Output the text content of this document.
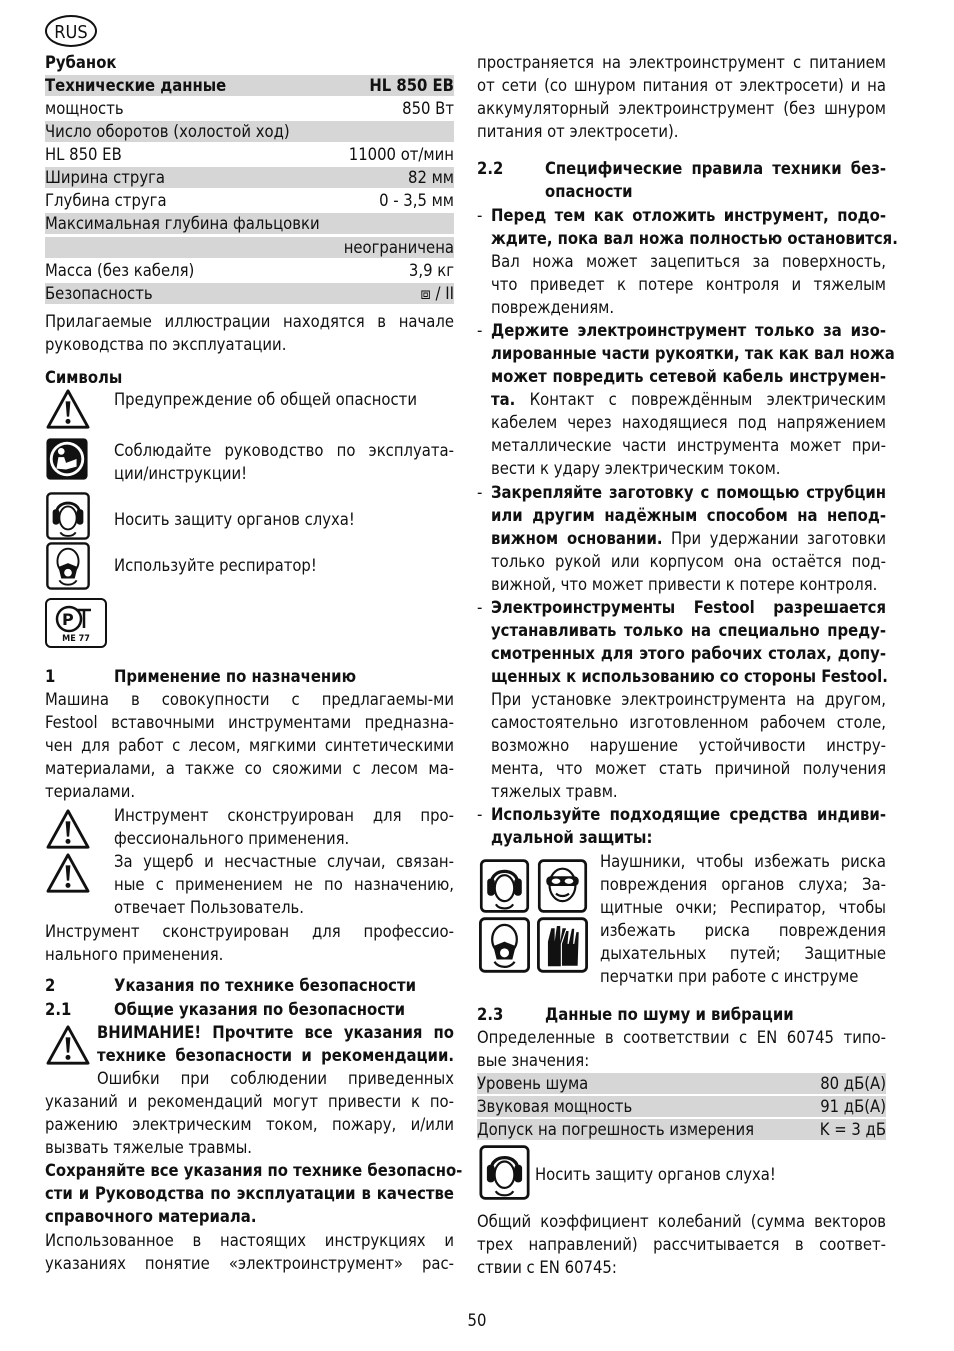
RUS
Рубанок
Технические данные	HL 850 EB
мощность	850 Вт
Число оборотов (холостой ход)
HL 850 EB	11000 от/мин
Ширина струга	82 мм
Глубина струга	0 - 3,5 мм
Максимальная глубина фальцовки
неограничена
Масса (без кабеля)	3,9 кг
Безопасность	⧈ / II
Прилагаемые иллюстрации находятся в начале
руководства по эксплуатации.
Символы
Предупреждение об общей опасности
Соблюдайте руководство по эксплуата-
ции/инструкции!
Носить защиту органов слуха!
Используйте респиратор!
P
МЕ 77
1	Применение по назначению
Машина в совокупности с предлагаемы-ми
Festool вставочными инструментами предназна-
чен для работ с лесом, мягкими синтетическими
материалами, а также со сяожими с лесом ма-
териалами.
Инструмент сконструирован для про-
фессионального применения.
За ущерб и несчастные случаи, связан-
ные с применением не по назначению,
отвечает Пользователь.
Инструмент сконструирован для профессио-
нального применения.
2	Указания по технике безопасности
2.1	Общие указания по безопасности
ВНИМАНИЕ! Прочтите все указания по
технике безопасности и рекомендации.
Ошибки при соблюдении приведенных
указаний и рекомендаций могут привести к по-
ражению электрическим током, пожару, и/или
вызвать тяжелые травмы.
Сохраняйте все указания по технике безопасно-
сти и Руководства по эксплуатации в качестве
справочного материала.
Использованное в настоящих инструкциях и
указаниях понятие «электроинструмент» рас-
пространяется на электроинструмент с питанием
от сети (со шнуром питания от электросети) и на
аккумуляторный электроинструмент (без шнуром
питания от электросети).
2.2	Специфические правила техники без-
опасности
- Перед тем как отложить инструмент, подо-
ждите, пока вал ножа полностью остановится.
Вал ножа может зацепиться за поверхность,
что приведет к потере контроля и тяжелым
повреждениям.
- Держите электроинструмент только за изо-
лированные части рукоятки, так как вал ножа
может повредить сетевой кабель инструмен-
та. Контакт с повреждённым электрическим
кабелем через находящиеся под напряжением
металлические части инструмента может при-
вести к удару электрическим током.
- Закрепляйте заготовку с помощью струбцин
или другим надёжным способом на непод-
вижном основании. При удержании заготовки
только рукой или корпусом она остаётся под-
вижной, что может привести к потере контроля.
- Электроинструменты Festool разрешается
устанавливать только на специально преду-
смотренных для этого рабочих столах, допу-
щенных к использованию со стороны Festool.
При установке электроинструмента на другом,
самостоятельно изготовленном рабочем столе,
возможно нарушение устойчивости инстру-
мента, что может стать причиной получения
тяжелых травм.
- Используйте подходящие средства индиви-
дуальной защиты:
Наушники, чтобы избежать риска
повреждения органов слуха; За-
щитные очки; Респиратор, чтобы
избежать риска повреждения
дыхательных путей; Защитные
перчатки при работе с инструме
2.3	Данные по шуму и вибрации
Определенные в соответствии с EN 60745 типо-
вые значения:
Уровень шума	80 дБ(A)
Звуковая мощность	91 дБ(A)
Допуск на погрешность измерения	K = 3 дБ
Носить защиту органов слуха!
Общий коэффициент колебаний (сумма векторов
трех направлений) рассчитывается в соответ-
ствии с EN 60745:
50
